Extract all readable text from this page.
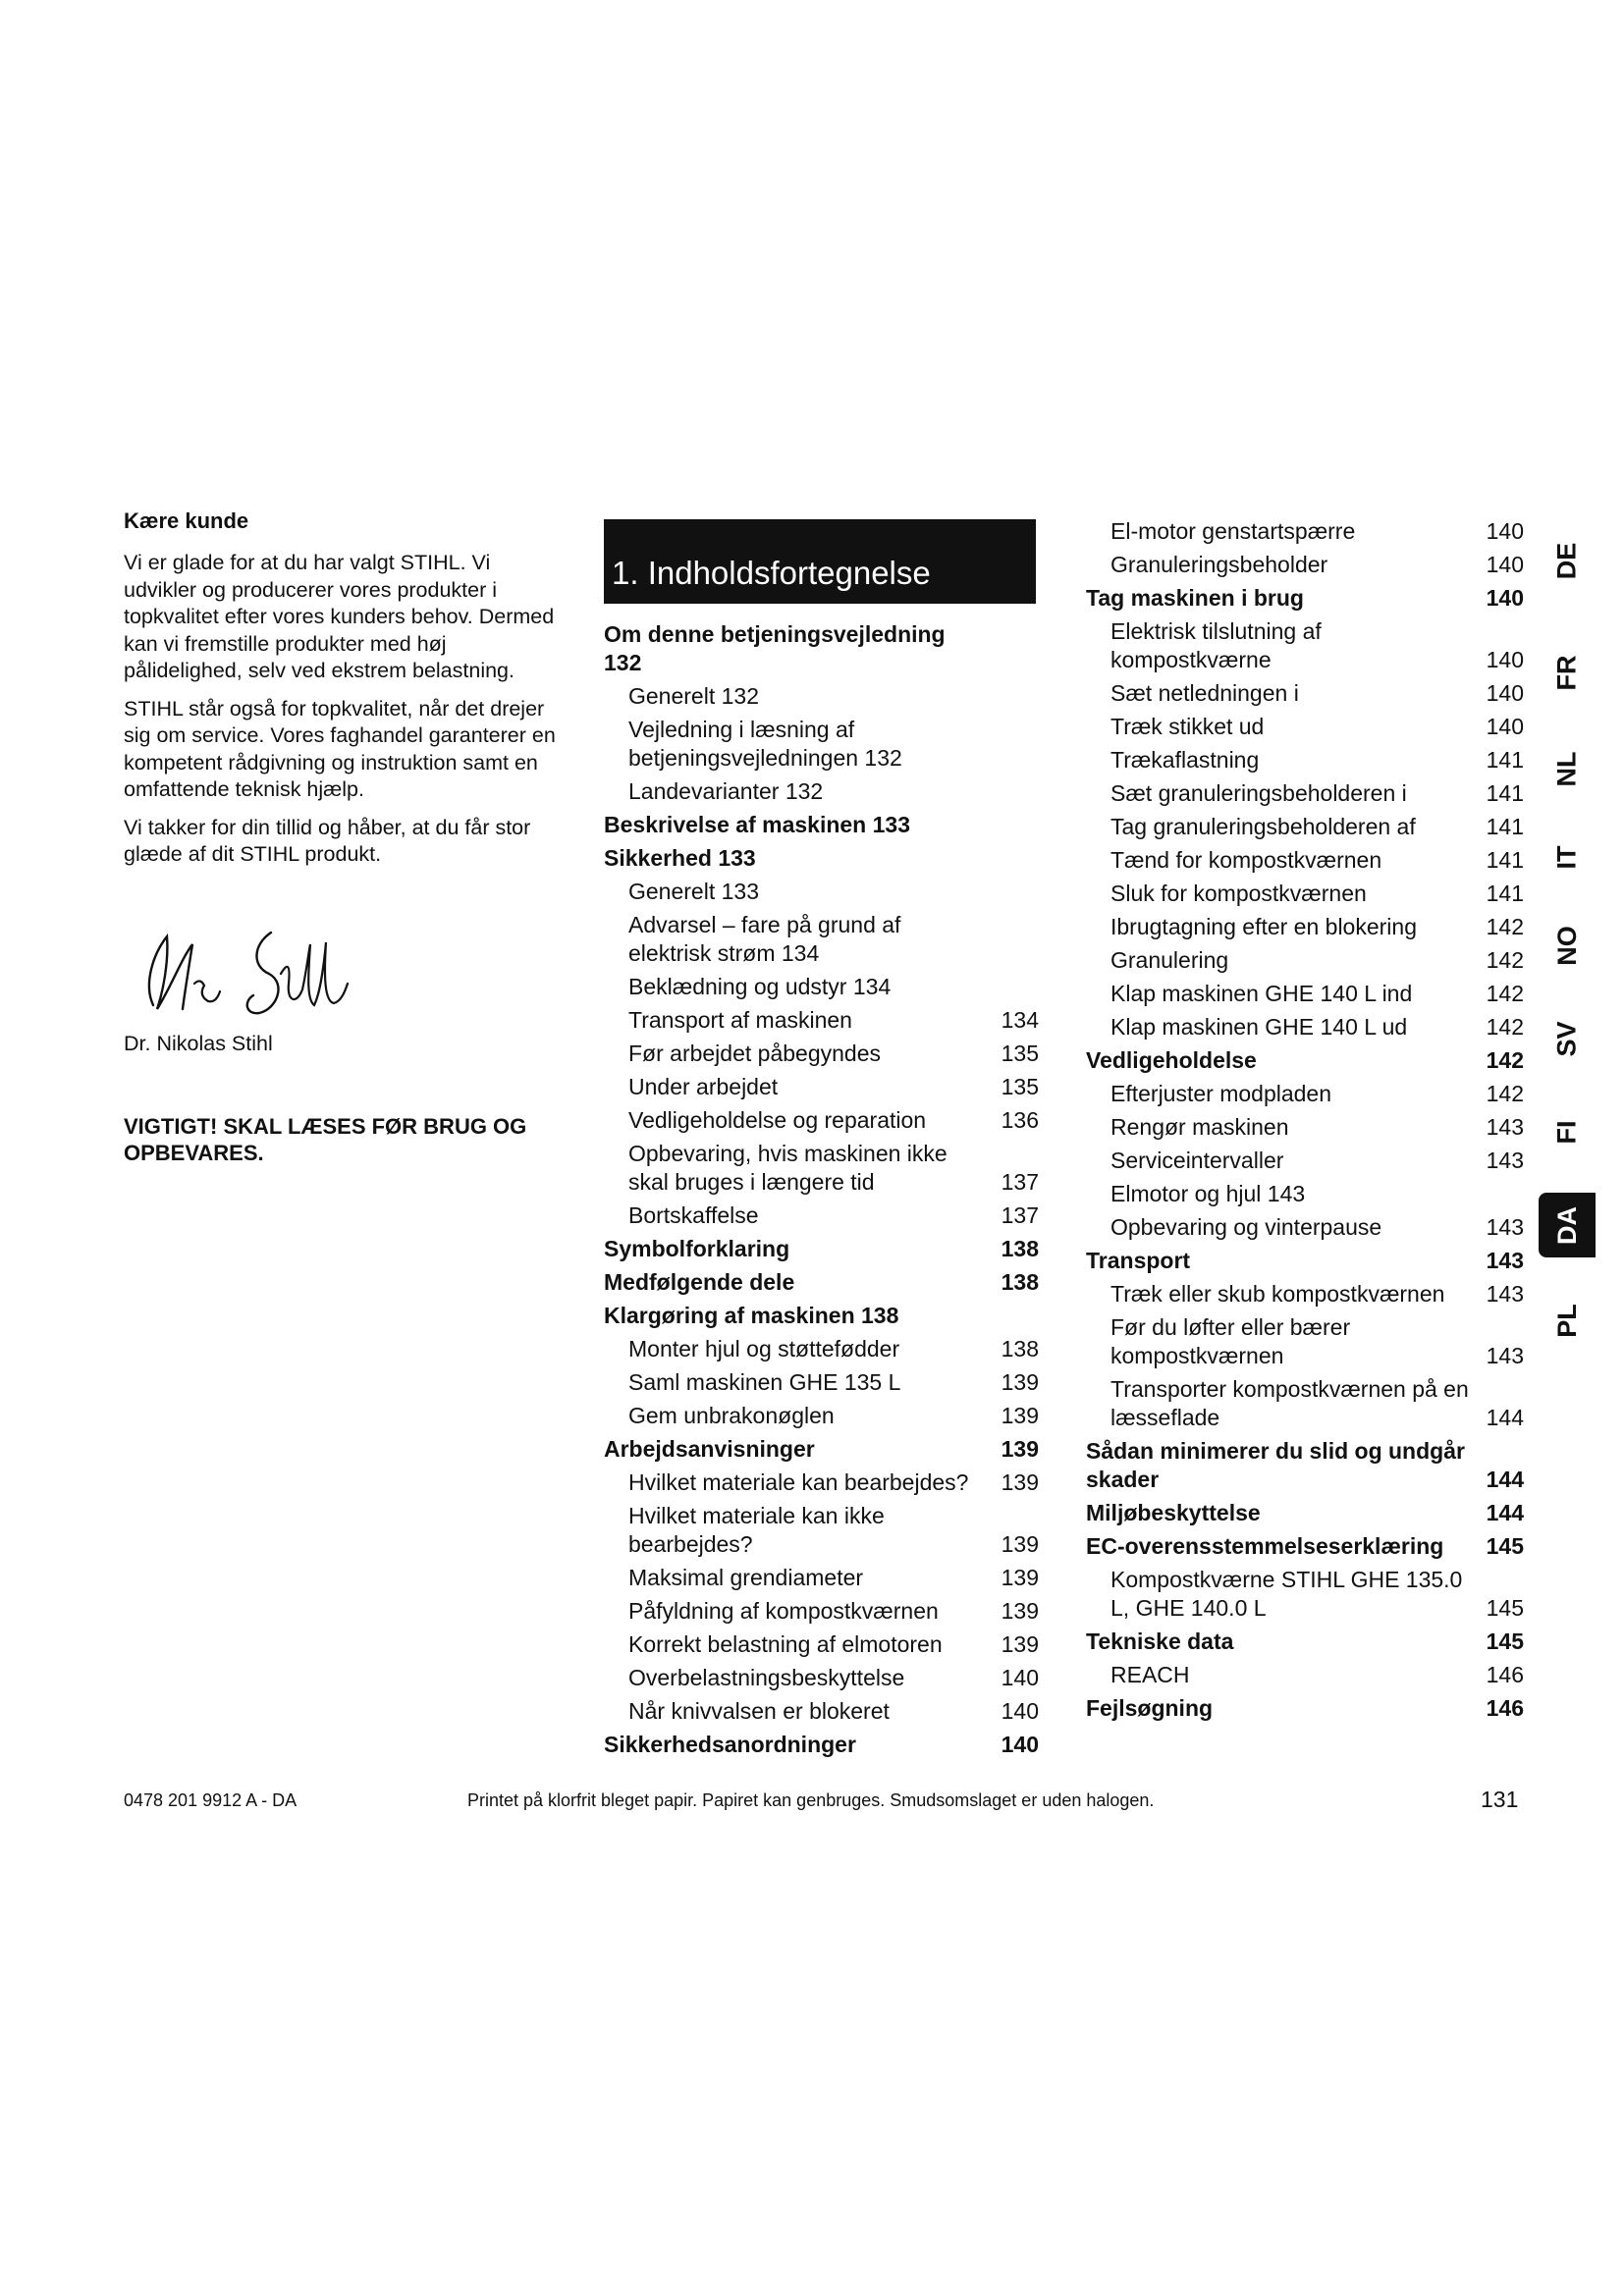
Kære kunde

Vi er glade for at du har valgt STIHL. Vi udvikler og producerer vores produkter i topkvalitet efter vores kunders behov. Dermed kan vi fremstille produkter med høj pålidelighed, selv ved ekstrem belastning.

STIHL står også for topkvalitet, når det drejer sig om service. Vores faghandel garanterer en kompetent rådgivning og instruktion samt en omfattende teknisk hjælp.

Vi takker for din tillid og håber, at du får stor glæde af dit STIHL produkt.

Dr. Nikolas Stihl
VIGTIGT! SKAL LÆSES FØR BRUG OG OPBEVARES.
1. Indholdsfortegnelse
Om denne betjeningsvejledning 132
Generelt 132
Vejledning i læsning af betjeningsvejledningen 132
Landevarianter 132
Beskrivelse af maskinen 133
Sikkerhed 133
Generelt 133
Advarsel – fare på grund af elektrisk strøm 134
Beklædning og udstyr 134
Transport af maskinen	134
Før arbejdet påbegyndes	135
Under arbejdet	135
Vedligeholdelse og reparation	136
Opbevaring, hvis maskinen ikke skal bruges i længere tid	137
Bortskaffelse	137
Symbolforklaring	138
Medfølgende dele	138
Klargøring af maskinen 138
Monter hjul og støttefødder	138
Saml maskinen GHE 135 L	139
Gem unbrakonøglen	139
Arbejdsanvisninger	139
Hvilket materiale kan bearbejdes?	139
Hvilket materiale kan ikke bearbejdes?	139
Maksimal grendiameter	139
Påfyldning af kompostkværnen	139
Korrekt belastning af elmotoren	139
Overbelastningsbeskyttelse	140
Når knivvalsen er blokeret	140
Sikkerhedsanordninger	140
El-motor genstartspærre	140
Granuleringsbeholder	140
Tag maskinen i brug	140
Elektrisk tilslutning af kompostkværne	140
Sæt netledningen i	140
Træk stikket ud	140
Trækaflastning	141
Sæt granuleringsbeholderen i	141
Tag granuleringsbeholderen af	141
Tænd for kompostkværnen	141
Sluk for kompostkværnen	141
Ibrugtagning efter en blokering	142
Granulering	142
Klap maskinen GHE 140 L ind	142
Klap maskinen GHE 140 L ud	142
Vedligeholdelse	142
Efterjuster modpladen	142
Rengør maskinen	143
Serviceintervaller	143
Elmotor og hjul 143
Opbevaring og vinterpause	143
Transport	143
Træk eller skub kompostkværnen	143
Før du løfter eller bærer kompostkværnen	143
Transporter kompostkværnen på en læsseflade	144
Sådan minimerer du slid og undgår skader	144
Miljøbeskyttelse	144
EC-overensstemmelseserklæring	145
Kompostkværne STIHL GHE 135.0 L, GHE 140.0 L	145
Tekniske data	145
REACH	146
Fejlsøgning	146
DE
FR
NL
IT
NO
SV
FI
DA
PL
0478 201 9912 A - DA	Printet på klorfrit bleget papir. Papiret kan genbruges. Smudsomslaget er uden halogen.	131
